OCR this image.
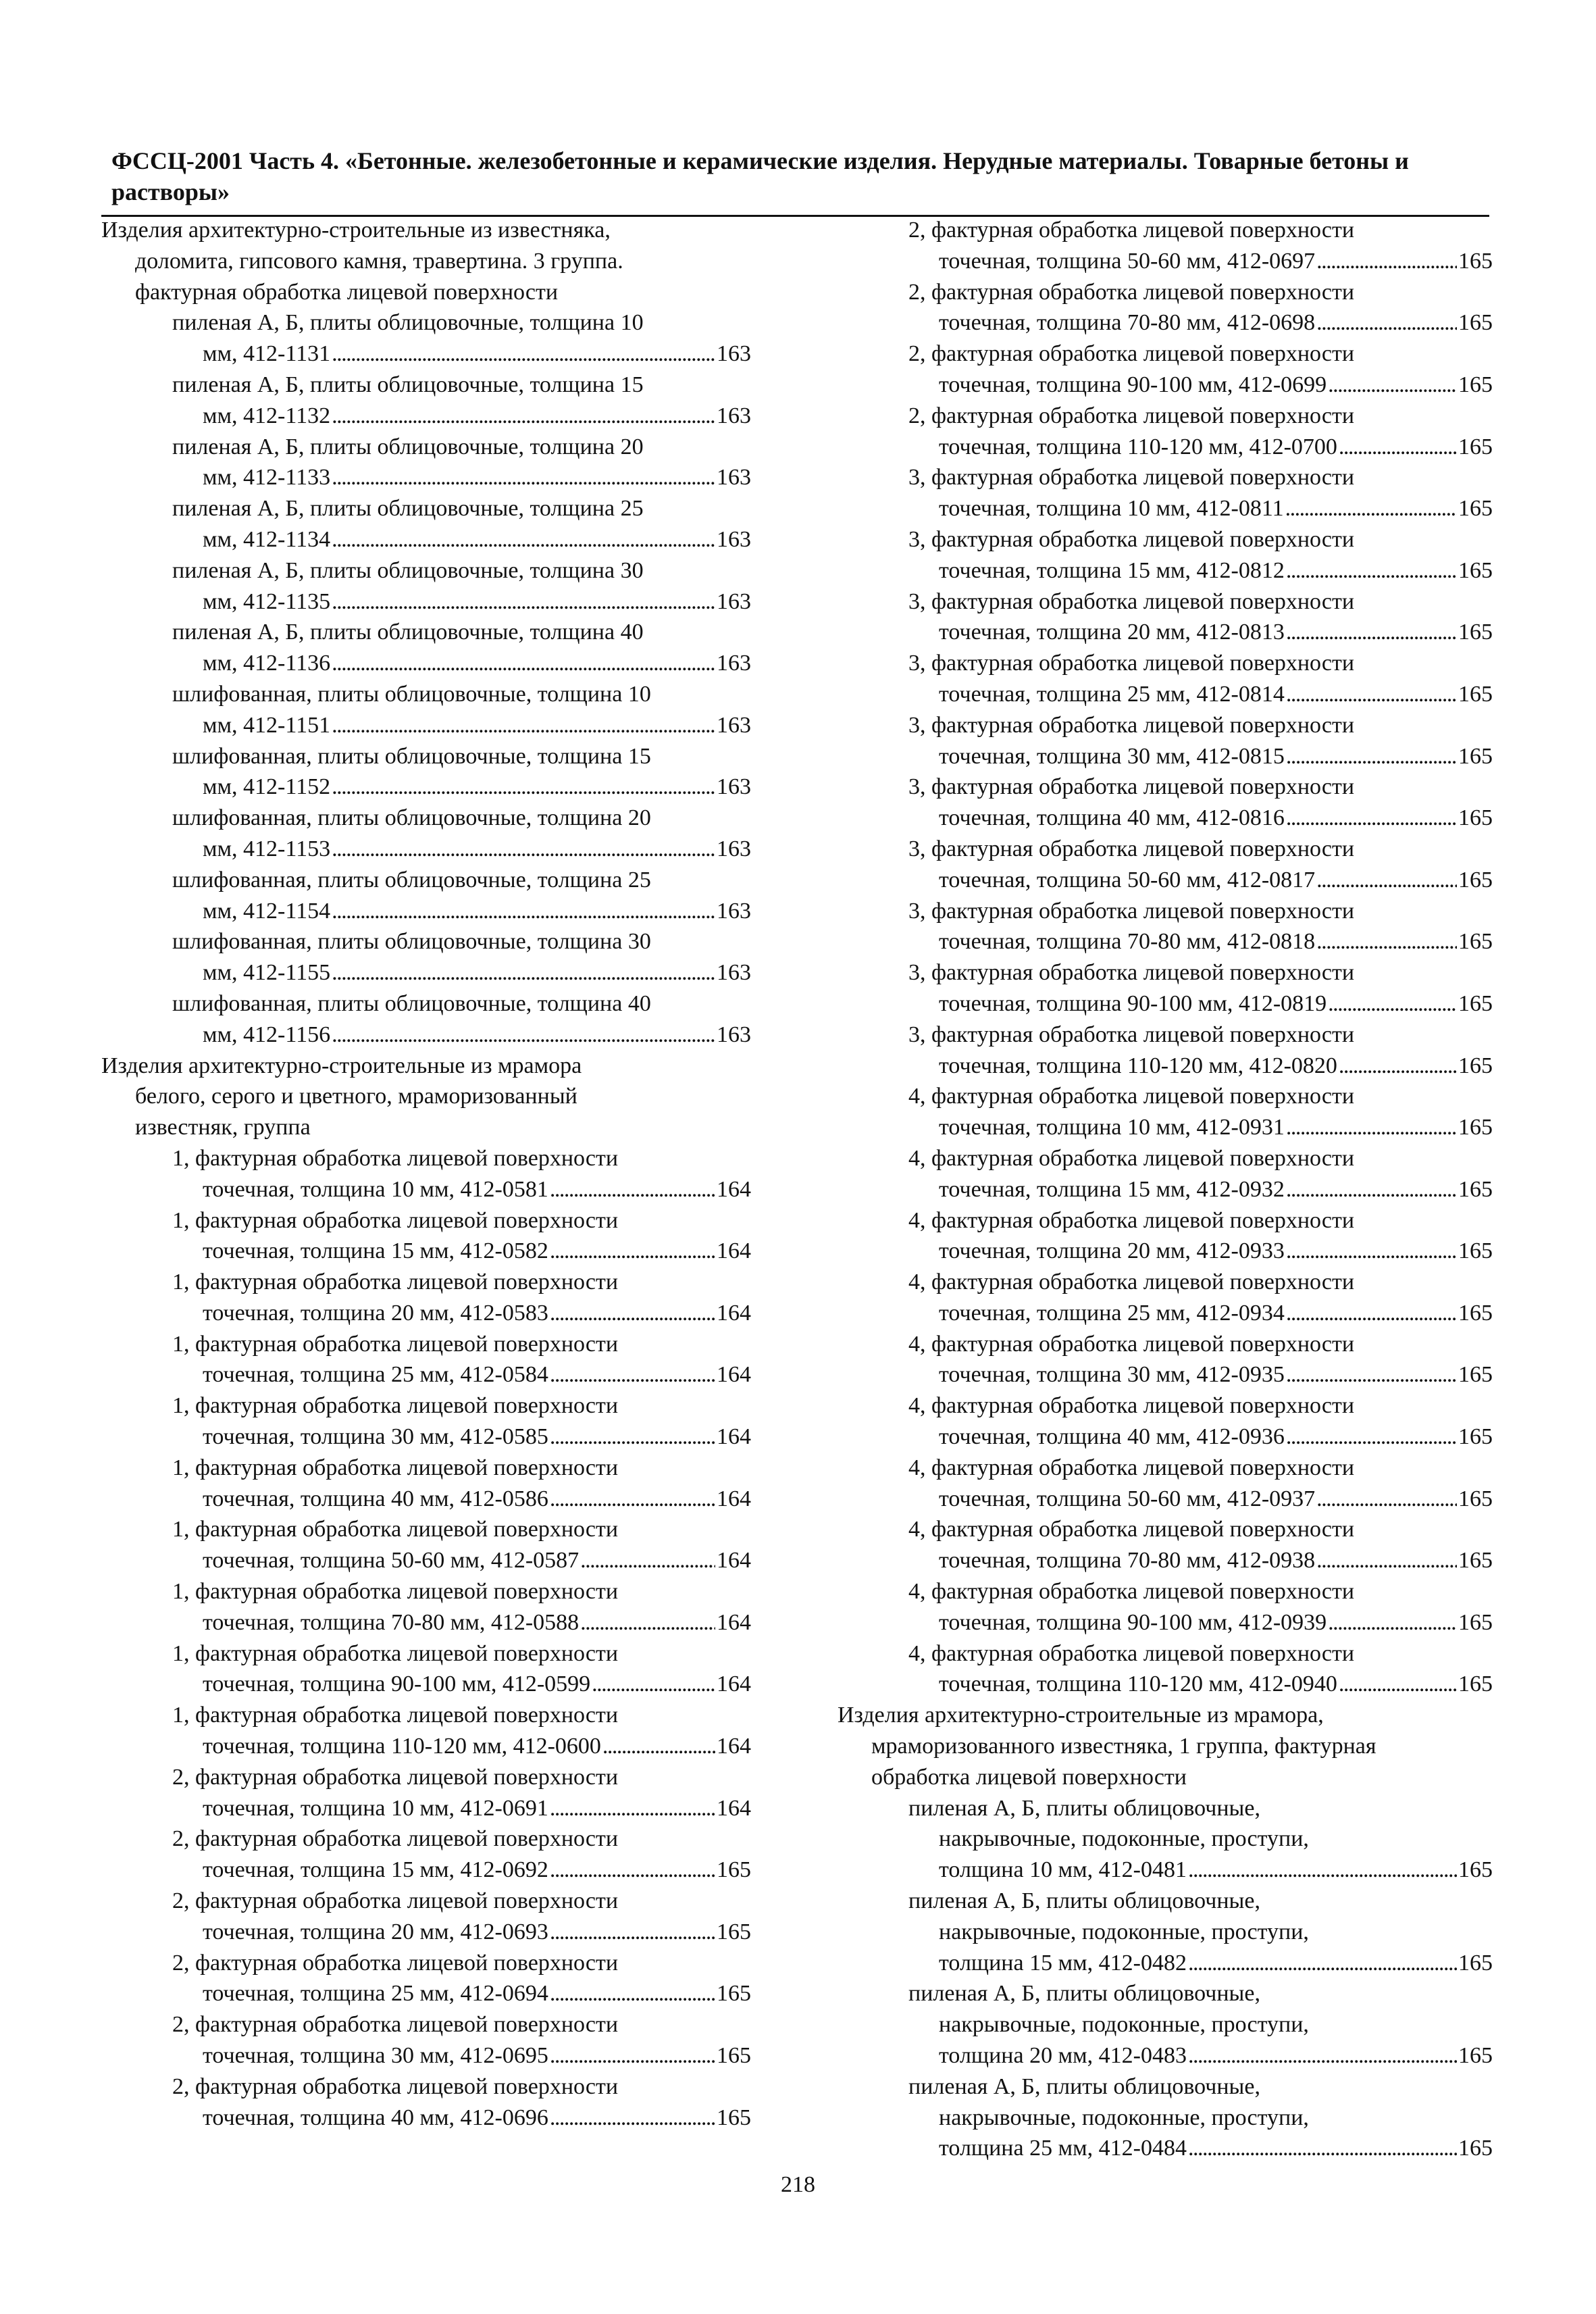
ФССЦ-2001 Часть 4. «Бетонные. железобетонные и керамические изделия. Нерудные материалы. Товарные бетоны и
растворы»
Изделия архитектурно-строительные из известняка,
доломита, гипсового камня, травертина. 3 группа.
фактурная обработка лицевой поверхности
пиленая А, Б, плиты облицовочные, толщина 10
мм, 412-1131 . . .	163
пиленая А, Б, плиты облицовочные, толщина 15
мм, 412-1132 . . .	163
пиленая А, Б, плиты облицовочные, толщина 20
мм, 412-1133 . . .	163
пиленая А, Б, плиты облицовочные, толщина 25
мм, 412-1134 . . .	163
пиленая А, Б, плиты облицовочные, толщина 30
мм, 412-1135 . . .	163
пиленая А, Б, плиты облицовочные, толщина 40
мм, 412-1136 . . .	163
шлифованная, плиты облицовочные, толщина 10
мм, 412-1151 . . .	163
шлифованная, плиты облицовочные, толщина 15
мм, 412-1152 . . .	163
шлифованная, плиты облицовочные, толщина 20
мм, 412-1153 . . .	163
шлифованная, плиты облицовочные, толщина 25
мм, 412-1154 . . .	163
шлифованная, плиты облицовочные, толщина 30
мм, 412-1155 . . .	163
шлифованная, плиты облицовочные, толщина 40
мм, 412-1156 . . .	163
Изделия архитектурно-строительные из мрамора
белого, серого и цветного, мраморизованный
известняк, группа
1, фактурная обработка лицевой поверхности
точечная, толщина 10 мм, 412-0581 . . .	164
1, фактурная обработка лицевой поверхности
точечная, толщина 15 мм, 412-0582 . . .	164
1, фактурная обработка лицевой поверхности
точечная, толщина 20 мм, 412-0583 . . .	164
1, фактурная обработка лицевой поверхности
точечная, толщина 25 мм, 412-0584 . . .	164
1, фактурная обработка лицевой поверхности
точечная, толщина 30 мм, 412-0585 . . .	164
1, фактурная обработка лицевой поверхности
точечная, толщина 40 мм, 412-0586 . . .	164
1, фактурная обработка лицевой поверхности
точечная, толщина 50-60 мм, 412-0587 . . .	164
1, фактурная обработка лицевой поверхности
точечная, толщина 70-80 мм, 412-0588 . . .	164
1, фактурная обработка лицевой поверхности
точечная, толщина 90-100 мм, 412-0599 . . .	164
1, фактурная обработка лицевой поверхности
точечная, толщина 110-120 мм, 412-0600 . . .	164
2, фактурная обработка лицевой поверхности
точечная, толщина 10 мм, 412-0691 . . .	164
2, фактурная обработка лицевой поверхности
точечная, толщина 15 мм, 412-0692 . . .	165
2, фактурная обработка лицевой поверхности
точечная, толщина 20 мм, 412-0693 . . .	165
2, фактурная обработка лицевой поверхности
точечная, толщина 25 мм, 412-0694 . . .	165
2, фактурная обработка лицевой поверхности
точечная, толщина 30 мм, 412-0695 . . .	165
2, фактурная обработка лицевой поверхности
точечная, толщина 40 мм, 412-0696 . . .	165
2, фактурная обработка лицевой поверхности
точечная, толщина 50-60 мм, 412-0697 . . .	165
2, фактурная обработка лицевой поверхности
точечная, толщина 70-80 мм, 412-0698 . . .	165
2, фактурная обработка лицевой поверхности
точечная, толщина 90-100 мм, 412-0699 . . .	165
2, фактурная обработка лицевой поверхности
точечная, толщина 110-120 мм, 412-0700 . . .	165
3, фактурная обработка лицевой поверхности
точечная, толщина 10 мм, 412-0811 . . .	165
3, фактурная обработка лицевой поверхности
точечная, толщина 15 мм, 412-0812 . . .	165
3, фактурная обработка лицевой поверхности
точечная, толщина 20 мм, 412-0813 . . .	165
3, фактурная обработка лицевой поверхности
точечная, толщина 25 мм, 412-0814 . . .	165
3, фактурная обработка лицевой поверхности
точечная, толщина 30 мм, 412-0815 . . .	165
3, фактурная обработка лицевой поверхности
точечная, толщина 40 мм, 412-0816 . . .	165
3, фактурная обработка лицевой поверхности
точечная, толщина 50-60 мм, 412-0817 . . .	165
3, фактурная обработка лицевой поверхности
точечная, толщина 70-80 мм, 412-0818 . . .	165
3, фактурная обработка лицевой поверхности
точечная, толщина 90-100 мм, 412-0819 . . .	165
3, фактурная обработка лицевой поверхности
точечная, толщина 110-120 мм, 412-0820 . . .	165
4, фактурная обработка лицевой поверхности
точечная, толщина 10 мм, 412-0931 . . .	165
4, фактурная обработка лицевой поверхности
точечная, толщина 15 мм, 412-0932 . . .	165
4, фактурная обработка лицевой поверхности
точечная, толщина 20 мм, 412-0933 . . .	165
4, фактурная обработка лицевой поверхности
точечная, толщина 25 мм, 412-0934 . . .	165
4, фактурная обработка лицевой поверхности
точечная, толщина 30 мм, 412-0935 . . .	165
4, фактурная обработка лицевой поверхности
точечная, толщина 40 мм, 412-0936 . . .	165
4, фактурная обработка лицевой поверхности
точечная, толщина 50-60 мм, 412-0937 . . .	165
4, фактурная обработка лицевой поверхности
точечная, толщина 70-80 мм, 412-0938 . . .	165
4, фактурная обработка лицевой поверхности
точечная, толщина 90-100 мм, 412-0939 . . .	165
4, фактурная обработка лицевой поверхности
точечная, толщина 110-120 мм, 412-0940 . . .	165
Изделия архитектурно-строительные из мрамора,
мраморизованного известняка, 1 группа, фактурная
обработка лицевой поверхности
пиленая А, Б, плиты облицовочные,
накрывочные, подоконные, проступи,
толщина 10 мм, 412-0481 . . .	165
пиленая А, Б, плиты облицовочные,
накрывочные, подоконные, проступи,
толщина 15 мм, 412-0482 . . .	165
пиленая А, Б, плиты облицовочные,
накрывочные, подоконные, проступи,
толщина 20 мм, 412-0483 . . .	165
пиленая А, Б, плиты облицовочные,
накрывочные, подоконные, проступи,
толщина 25 мм, 412-0484 . . .	165
218
